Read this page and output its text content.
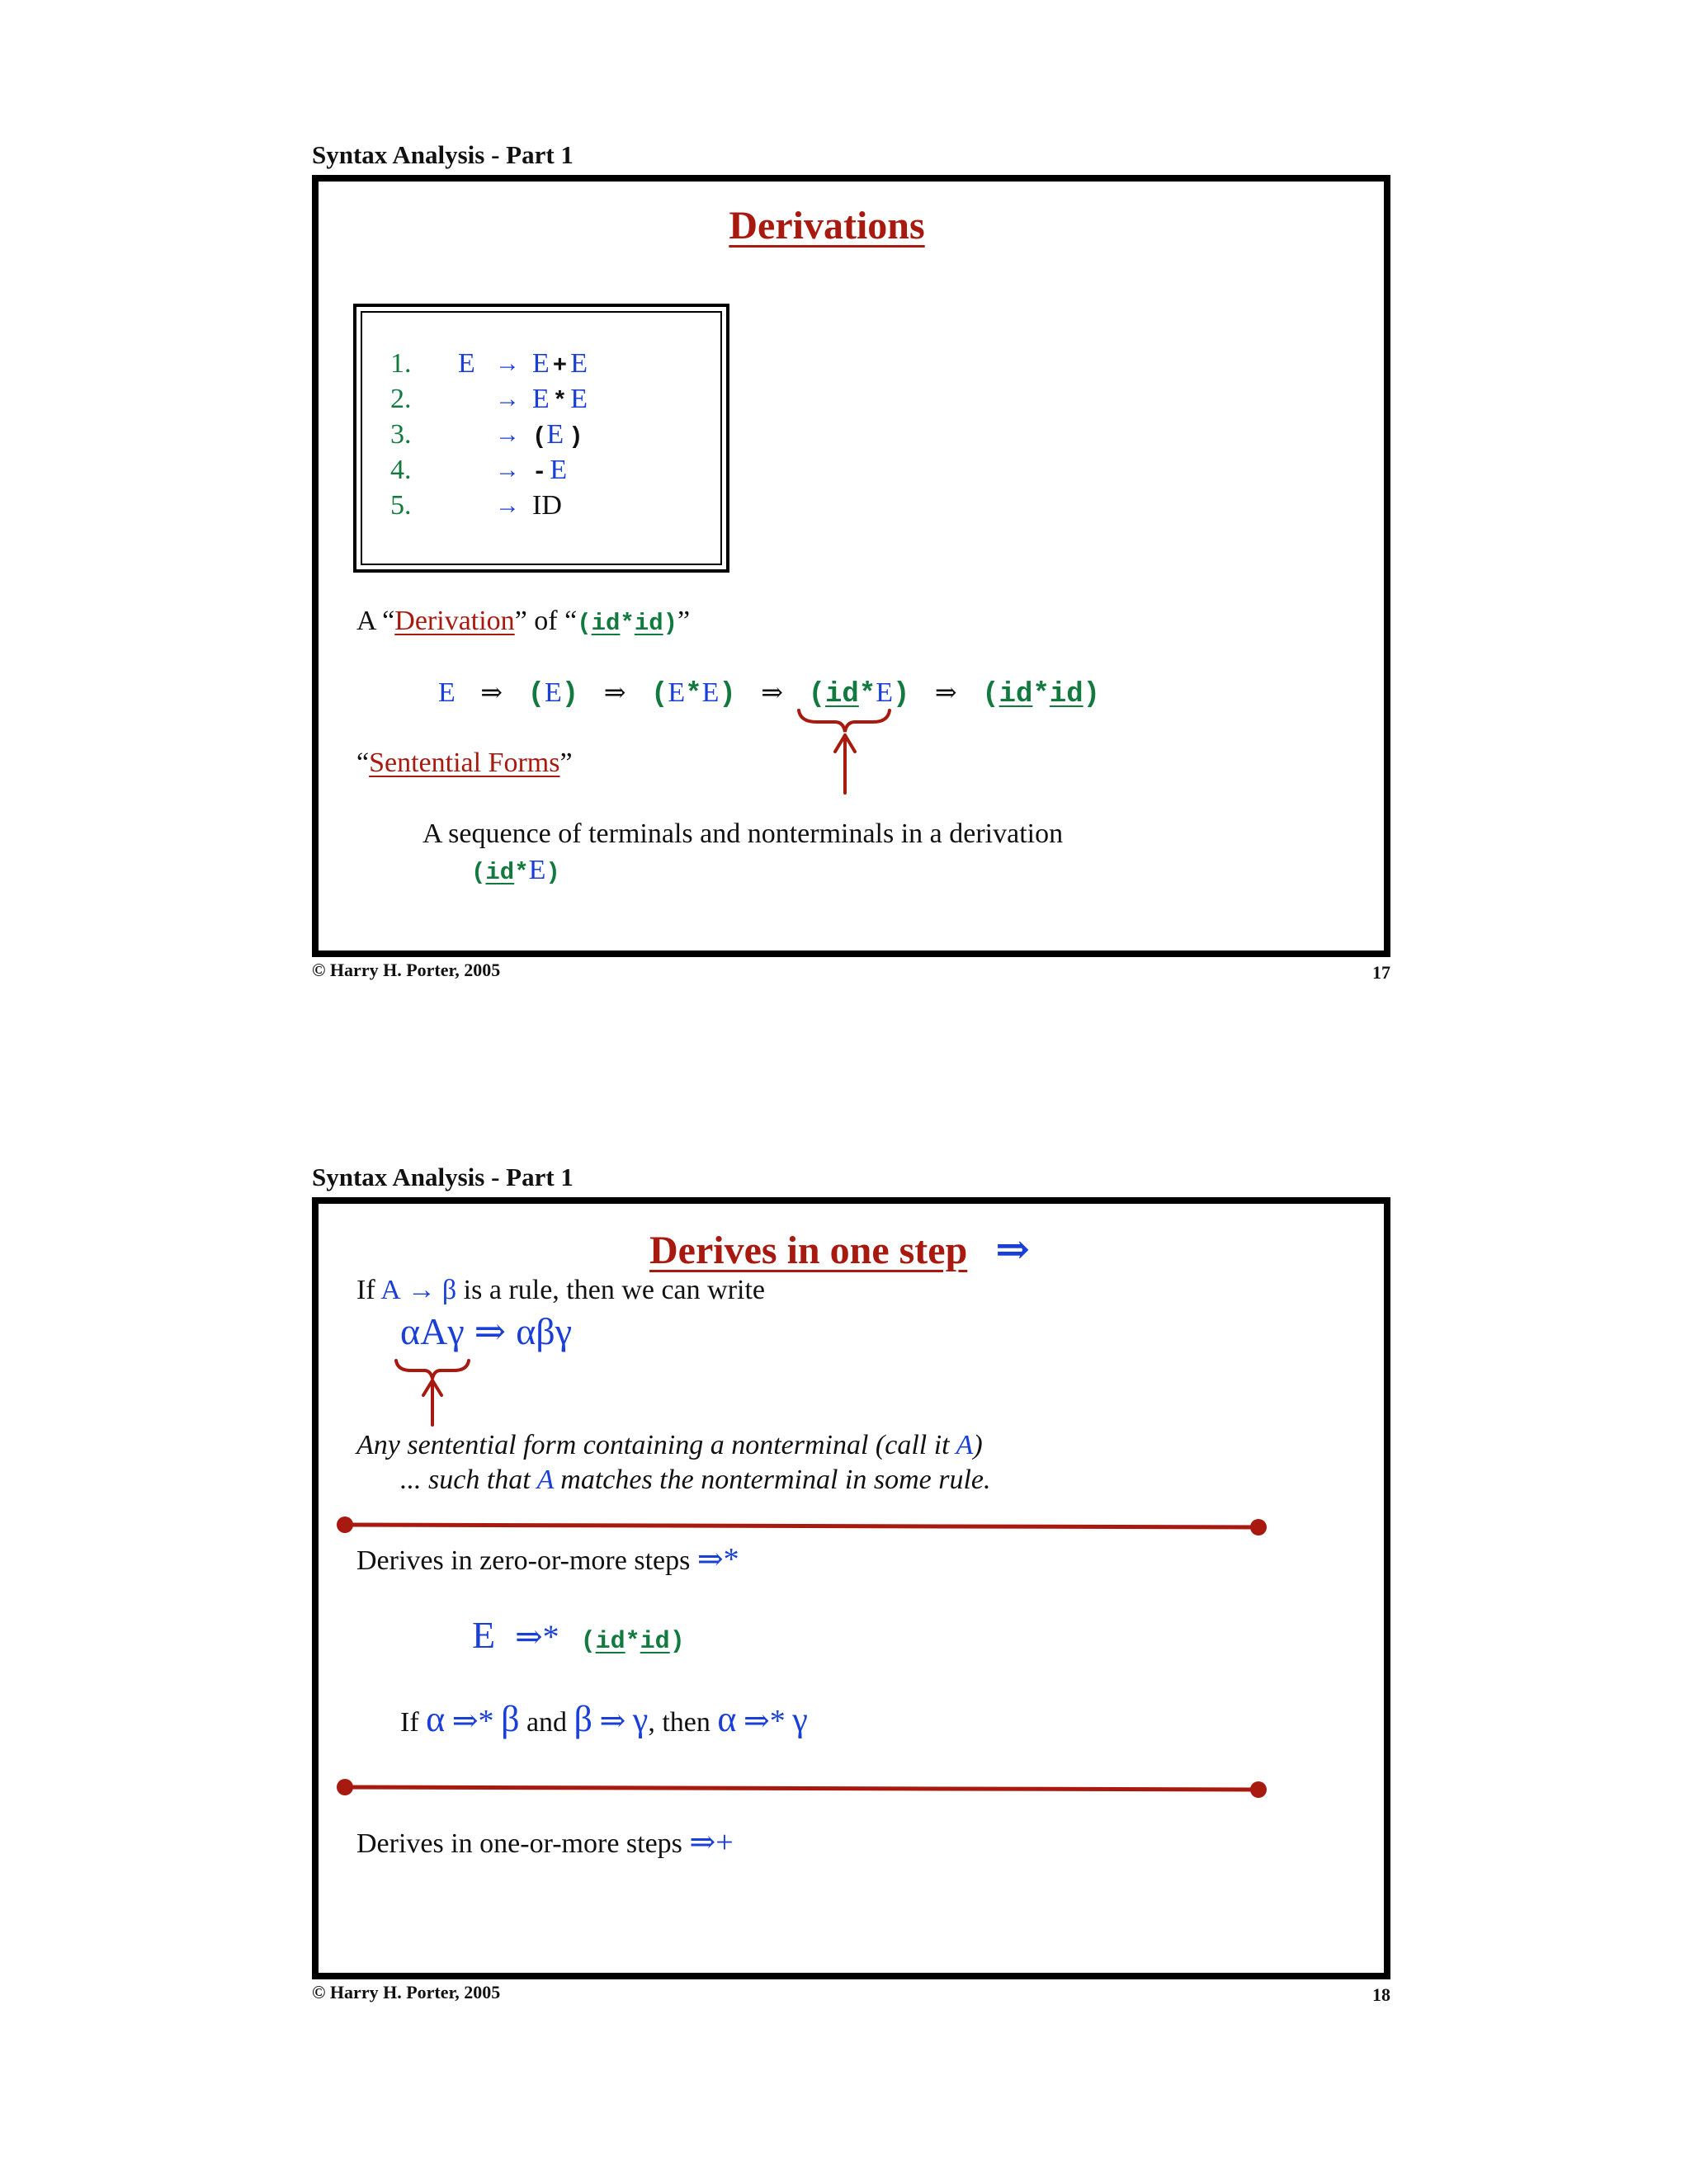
Syntax Analysis - Part 1
Derivations
1. E → E + E
2.	→ E * E
3.	→ (E )
4.	→ - E
5.	→ ID
A “Derivation” of “(id*id)”
E ⇒ (E) ⇒ (E*E) ⇒ (id*E) ⇒ (id*id)
“Sentential Forms”
A sequence of terminals and nonterminals in a derivation
(id*E)
© Harry H. Porter, 2005	17
Syntax Analysis - Part 1
Derives in one step ⇒
If A → β is a rule, then we can write
αAγ ⇒ αβγ
Any sentential form containing a nonterminal (call it A)
... such that A matches the nonterminal in some rule.
Derives in zero-or-more steps ⇒*
E ⇒* (id*id)
If α ⇒* β and β ⇒ γ, then α ⇒* γ
Derives in one-or-more steps ⇒+
© Harry H. Porter, 2005	18
